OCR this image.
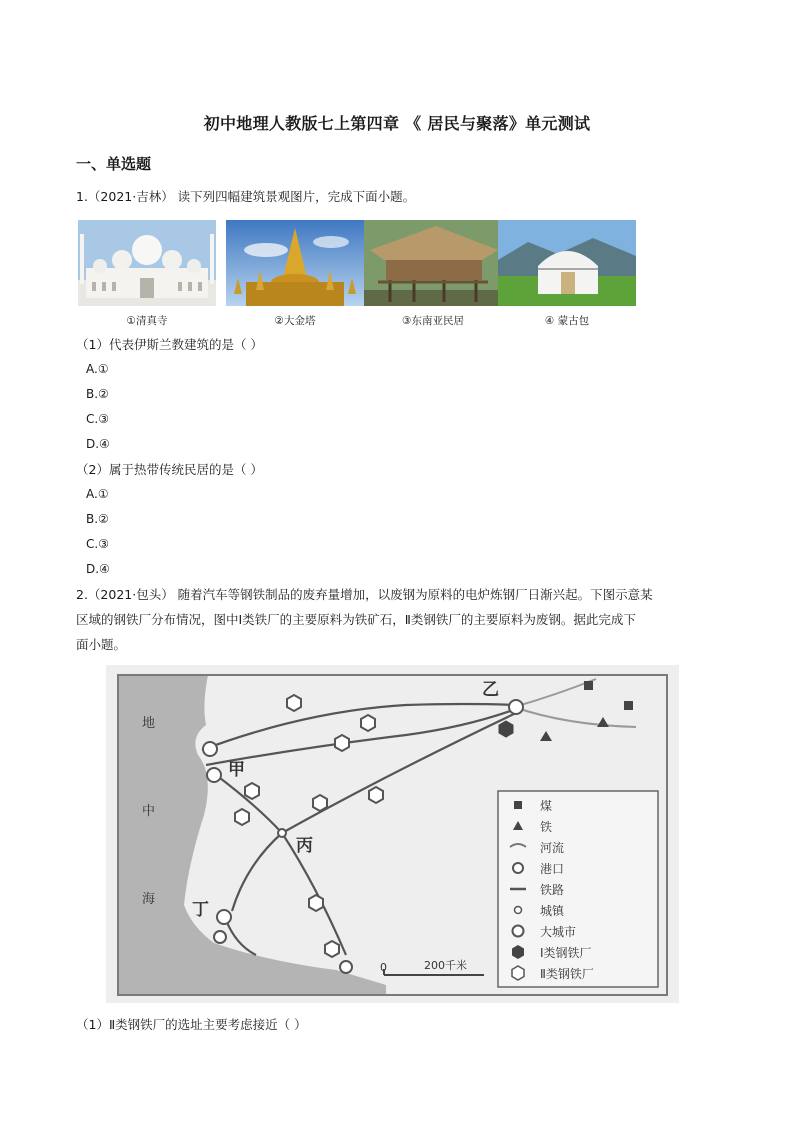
初中地理人教版七上第四章 《 居民与聚落》单元测试
一、单选题
1.（2021·吉林） 读下列四幅建筑景观图片，完成下面小题。
①清真寺	②大金塔	③东南亚民居	④ 蒙古包
（1）代表伊斯兰教建筑的是（ ）
A.①
B.②
C.③
D.④
（2）属于热带传统民居的是（ ）
A.①
B.②
C.③
D.④
2.（2021·包头） 随着汽车等钢铁制品的废弃量增加，以废钢为原料的电炉炼钢厂日渐兴起。下图示意某
区域的钢铁厂分布情况，图中Ⅰ类铁厂的主要原料为铁矿石，Ⅱ类钢铁厂的主要原料为废钢。据此完成下
面小题。
地
中
海
甲
乙
丙
丁
煤
铁
河流
港口
铁路
城镇
大城市
Ⅰ类钢铁厂
Ⅱ类钢铁厂
0	200千米
（1）Ⅱ类钢铁厂的选址主要考虑接近（ ）
